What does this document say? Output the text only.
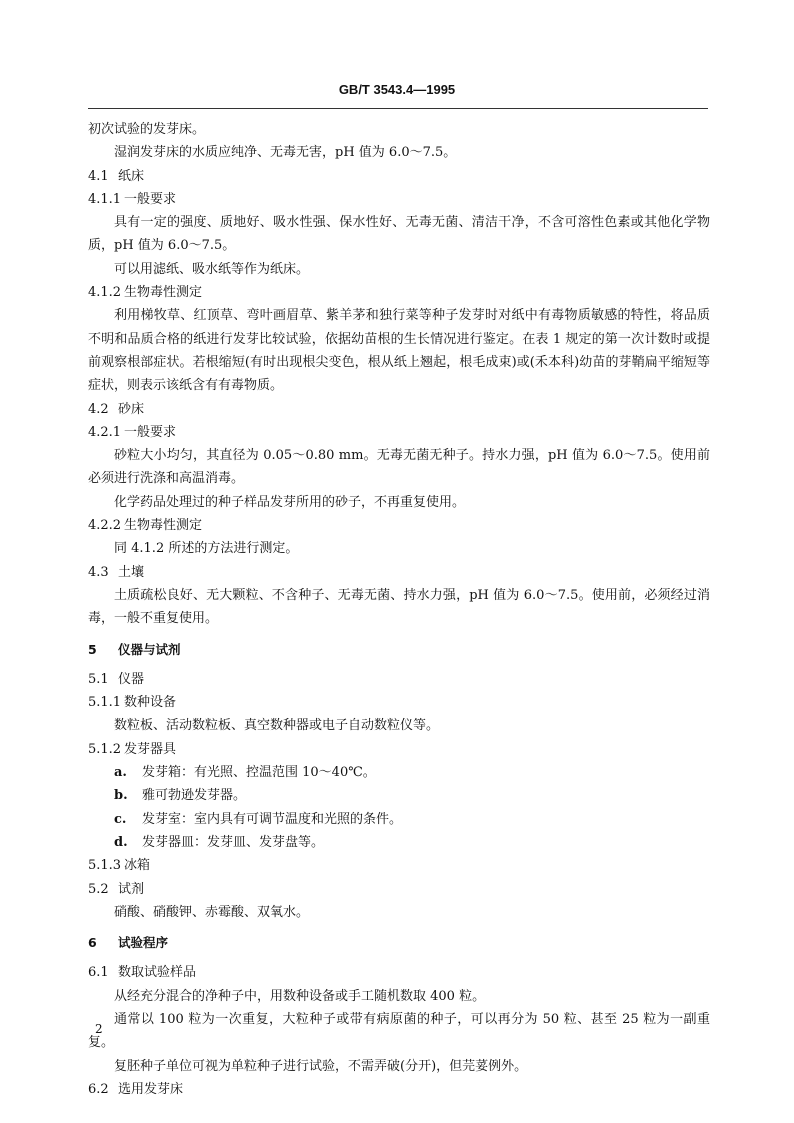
GB/T 3543.4—1995

初次试验的发芽床。

湿润发芽床的水质应纯净、无毒无害，pH 值为 6.0～7.5。

4.1 纸床

4.1.1 一般要求

具有一定的强度、质地好、吸水性强、保水性好、无毒无菌、清洁干净，不含可溶性色素或其他化学物质，pH 值为 6.0～7.5。

可以用滤纸、吸水纸等作为纸床。

4.1.2 生物毒性测定

利用梯牧草、红顶草、弯叶画眉草、紫羊茅和独行菜等种子发芽时对纸中有毒物质敏感的特性，将品质不明和品质合格的纸进行发芽比较试验，依据幼苗根的生长情况进行鉴定。在表 1 规定的第一次计数时或提前观察根部症状。若根缩短(有时出现根尖变色，根从纸上翘起，根毛成束)或(禾本科)幼苗的芽鞘扁平缩短等症状，则表示该纸含有有毒物质。

4.2 砂床

4.2.1 一般要求

砂粒大小均匀，其直径为 0.05～0.80 mm。无毒无菌无种子。持水力强，pH 值为 6.0～7.5。使用前必须进行洗涤和高温消毒。

化学药品处理过的种子样品发芽所用的砂子，不再重复使用。

4.2.2 生物毒性测定

同 4.1.2 所述的方法进行测定。

4.3 土壤

土质疏松良好、无大颗粒、不含种子、无毒无菌、持水力强，pH 值为 6.0～7.5。使用前，必须经过消毒，一般不重复使用。

5 仪器与试剂

5.1 仪器

5.1.1 数种设备

数粒板、活动数粒板、真空数种器或电子自动数粒仪等。

5.1.2 发芽器具

a. 发芽箱：有光照、控温范围 10～40℃。

b. 雅可勃逊发芽器。

c. 发芽室：室内具有可调节温度和光照的条件。

d. 发芽器皿：发芽皿、发芽盘等。

5.1.3 冰箱

5.2 试剂

硝酸、硝酸钾、赤霉酸、双氧水。

6 试验程序

6.1 数取试验样品

从经充分混合的净种子中，用数种设备或手工随机数取 400 粒。

通常以 100 粒为一次重复，大粒种子或带有病原菌的种子，可以再分为 50 粒、甚至 25 粒为一副重复。

复胚种子单位可视为单粒种子进行试验，不需弄破(分开)，但芫荽例外。

6.2 选用发芽床

2
